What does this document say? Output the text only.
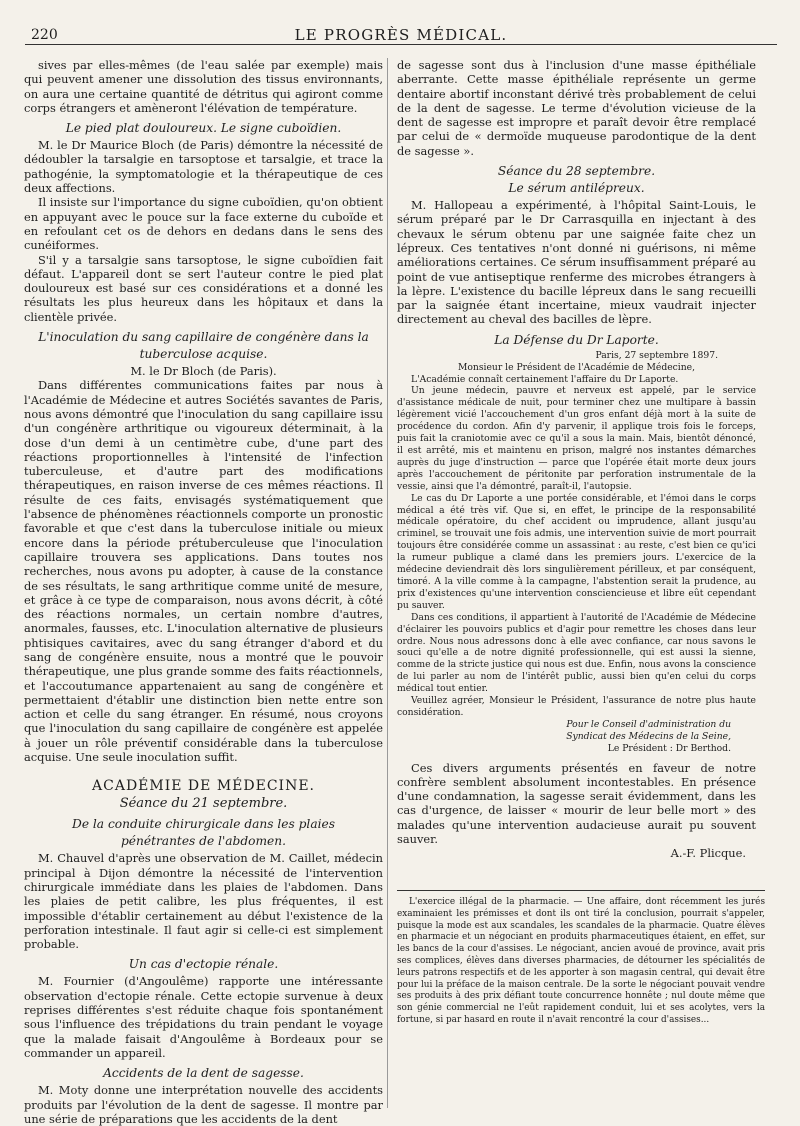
220	LE PROGRÈS MÉDICAL.

sives par elles-mêmes (de l'eau salée par exemple) mais qui peuvent amener une dissolution des tissus environnants, on aura une certaine quantité de détritus qui agiront comme corps étrangers et amèneront l'élévation de température.

Le pied plat douloureux. Le signe cuboïdien.

M. le Dr Maurice Bloch (de Paris) démontre la nécessité de dédoubler la tarsalgie en tarsoptose et tarsalgie, et trace la pathogénie, la symptomatologie et la thérapeutique de ces deux affections.

Il insiste sur l'importance du signe cuboïdien, qu'on obtient en appuyant avec le pouce sur la face externe du cuboïde et en refoulant cet os de dehors en dedans dans le sens des cunéiformes.

S'il y a tarsalgie sans tarsoptose, le signe cuboïdien fait défaut. L'appareil dont se sert l'auteur contre le pied plat douloureux est basé sur ces considérations et a donné les résultats les plus heureux dans les hôpitaux et dans la clientèle privée.

L'inoculation du sang capillaire de congénère dans la
tuberculose acquise.

M. le Dr Bloch (de Paris).

Dans différentes communications faites par nous à l'Académie de Médecine et autres Sociétés savantes de Paris, nous avons démontré que l'inoculation du sang capillaire issu d'un congénère arthritique ou vigoureux déterminait, à la dose d'un demi à un centimètre cube, d'une part des réactions proportionnelles à l'intensité de l'infection tuberculeuse, et d'autre part des modifications thérapeutiques, en raison inverse de ces mêmes réactions. Il résulte de ces faits, envisagés systématiquement que l'absence de phénomènes réactionnels comporte un pronostic favorable et que c'est dans la tuberculose initiale ou mieux encore dans la période prétuberculeuse que l'inoculation capillaire trouvera ses applications. Dans toutes nos recherches, nous avons pu adopter, à cause de la constance de ses résultats, le sang arthritique comme unité de mesure, et grâce à ce type de comparaison, nous avons décrit, à côté des réactions normales, un certain nombre d'autres, anormales, fausses, etc. L'inoculation alternative de plusieurs phtisiques cavitaires, avec du sang étranger d'abord et du sang de congénère ensuite, nous a montré que le pouvoir thérapeutique, une plus grande somme des faits réactionnels, et l'accoutumance appartenaient au sang de congénère et permettaient d'établir une distinction bien nette entre son action et celle du sang étranger. En résumé, nous croyons que l'inoculation du sang capillaire de congénère est appelée à jouer un rôle préventif considérable dans la tuberculose acquise. Une seule inoculation suffit.

ACADÉMIE DE MÉDECINE.
Séance du 21 septembre.
De la conduite chirurgicale dans les plaies
pénétrantes de l'abdomen.

M. Chauvel d'après une observation de M. Caillet, médecin principal à Dijon démontre la nécessité de l'intervention chirurgicale immédiate dans les plaies de l'abdomen. Dans les plaies de petit calibre, les plus fréquentes, il est impossible d'établir certainement au début l'existence de la perforation intestinale. Il faut agir si celle-ci est simplement probable.

Un cas d'ectopie rénale.

M. Fournier (d'Angoulême) rapporte une intéressante observation d'ectopie rénale. Cette ectopie survenue à deux reprises différentes s'est réduite chaque fois spontanément sous l'influence des trépidations du train pendant le voyage que la malade faisait d'Angoulême à Bordeaux pour se commander un appareil.

Accidents de la dent de sagesse.

M. Moty donne une interprétation nouvelle des accidents produits par l'évolution de la dent de sagesse. Il montre par une série de préparations que les accidents de la dent

de sagesse sont dus à l'inclusion d'une masse épithéliale aberrante. Cette masse épithéliale représente un germe dentaire abortif inconstant dérivé très probablement de celui de la dent de sagesse. Le terme d'évolution vicieuse de la dent de sagesse est impropre et paraît devoir être remplacé par celui de « dermoïde muqueuse parodontique de la dent de sagesse ».

Séance du 28 septembre.
Le sérum antilépreux.

M. Hallopeau a expérimenté, à l'hôpital Saint-Louis, le sérum préparé par le Dr Carrasquilla en injectant à des chevaux le sérum obtenu par une saignée faite chez un lépreux. Ces tentatives n'ont donné ni guérisons, ni même améliorations certaines. Ce sérum insuffisamment préparé au point de vue antiseptique renferme des microbes étrangers à la lèpre. L'existence du bacille lépreux dans le sang recueilli par la saignée étant incertaine, mieux vaudrait injecter directement au cheval des bacilles de lèpre.

La Défense du Dr Laporte.

Paris, 27 septembre 1897.

Monsieur le Président de l'Académie de Médecine,

L'Académie connaît certainement l'affaire du Dr Laporte.

Un jeune médecin, pauvre et nerveux est appelé, par le service d'assistance médicale de nuit, pour terminer chez une multipare à bassin légèrement vicié l'accouchement d'un gros enfant déjà mort à la suite de procédence du cordon. Afin d'y parvenir, il applique trois fois le forceps, puis fait la craniotomie avec ce qu'il a sous la main. Mais, bientôt dénoncé, il est arrêté, mis et maintenu en prison, malgré nos instantes démarches auprès du juge d'instruction — parce que l'opérée était morte deux jours après l'accouchement de péritonite par perforation instrumentale de la vessie, ainsi que l'a démontré, paraît-il, l'autopsie.

Le cas du Dr Laporte a une portée considérable, et l'émoi dans le corps médical a été très vif. Que si, en effet, le principe de la responsabilité médicale opératoire, du chef accident ou imprudence, allant jusqu'au criminel, se trouvait une fois admis, une intervention suivie de mort pourrait toujours être considérée comme un assassinat : au reste, c'est bien ce qu'ici la rumeur publique a clamé dans les premiers jours. L'exercice de la médecine deviendrait dès lors singulièrement périlleux, et par conséquent, timoré. A la ville comme à la campagne, l'abstention serait la prudence, au prix d'existences qu'une intervention consciencieuse et libre eût cependant pu sauver.

Dans ces conditions, il appartient à l'autorité de l'Académie de Médecine d'éclairer les pouvoirs publics et d'agir pour remettre les choses dans leur ordre. Nous nous adressons donc à elle avec confiance, car nous savons le souci qu'elle a de notre dignité professionnelle, qui est aussi la sienne, comme de la stricte justice qui nous est due. Enfin, nous avons la conscience de lui parler au nom de l'intérêt public, aussi bien qu'en celui du corps médical tout entier.

Veuillez agréer, Monsieur le Président, l'assurance de notre plus haute considération.

Pour le Conseil d'administration du

Syndicat des Médecins de la Seine,

Le Président : Dr Berthod.

Ces divers arguments présentés en faveur de notre confrère semblent absolument incontestables. En présence d'une condamnation, la sagesse serait évidemment, dans les cas d'urgence, de laisser « mourir de leur belle mort » des malades qu'une intervention audacieuse aurait pu souvent sauver.

A.-F. Plicque.

L'exercice illégal de la pharmacie. — Une affaire, dont récemment les jurés examinaient les prémisses et dont ils ont tiré la conclusion, pourrait s'appeler, puisque la mode est aux scandales, les scandales de la pharmacie. Quatre élèves en pharmacie et un négociant en produits pharmaceutiques étaient, en effet, sur les bancs de la cour d'assises. Le négociant, ancien avoué de province, avait pris ses complices, élèves dans diverses pharmacies, de détourner les spécialités de leurs patrons respectifs et de les apporter à son magasin central, qui devait être pour lui la préface de la maison centrale. De la sorte le négociant pouvait vendre ses produits à des prix défiant toute concurrence honnête ; nul doute même que son génie commercial ne l'eût rapidement conduit, lui et ses acolytes, vers la fortune, si par hasard en route il n'avait rencontré la cour d'assises...
